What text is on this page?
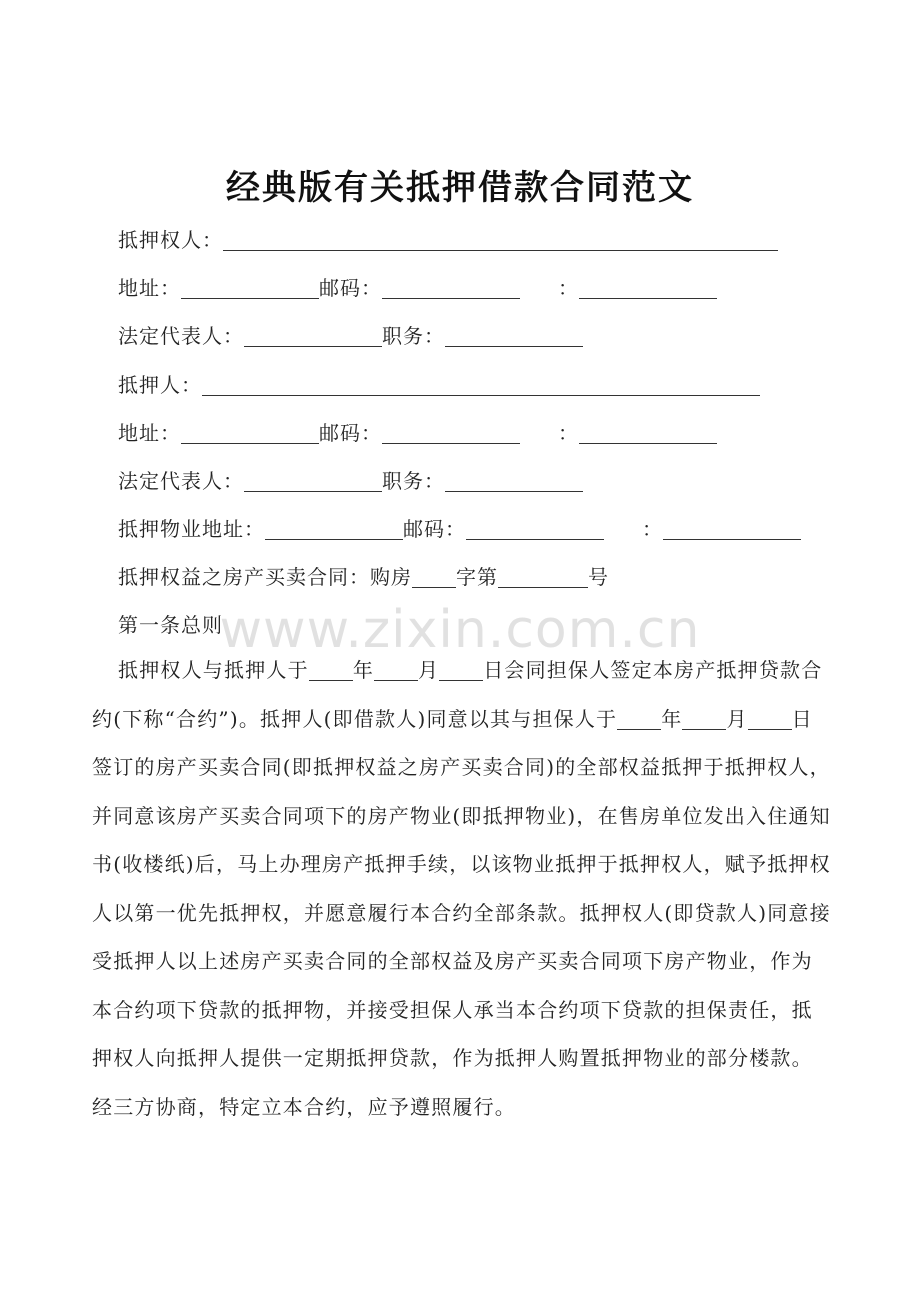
经典版有关抵押借款合同范文
抵押权人：
地址：	邮码：	：
法定代表人：	职务：
抵押人：
地址：	邮码：	：
法定代表人：	职务：
抵押物业地址：	邮码：	：
抵押权益之房产买卖合同：购房 字第	号
第一条总则
www.zixin.com.cn
抵押权人与抵押人于 年 月 日会同担保人签定本房产抵押贷款合约(下称“合约”)。抵押人(即借款人)同意以其与担保人于 年 月 日签订的房产买卖合同(即抵押权益之房产买卖合同)的全部权益抵押于抵押权人，并同意该房产买卖合同项下的房产物业(即抵押物业)，在售房单位发出入住通知书(收楼纸)后，马上办理房产抵押手续，以该物业抵押于抵押权人，赋予抵押权人以第一优先抵押权，并愿意履行本合约全部条款。抵押权人(即贷款人)同意接受抵押人以上述房产买卖合同的全部权益及房产买卖合同项下房产物业，作为本合约项下贷款的抵押物，并接受担保人承当本合约项下贷款的担保责任，抵押权人向抵押人提供一定期抵押贷款，作为抵押人购置抵押物业的部分楼款。经三方协商，特定立本合约，应予遵照履行。
